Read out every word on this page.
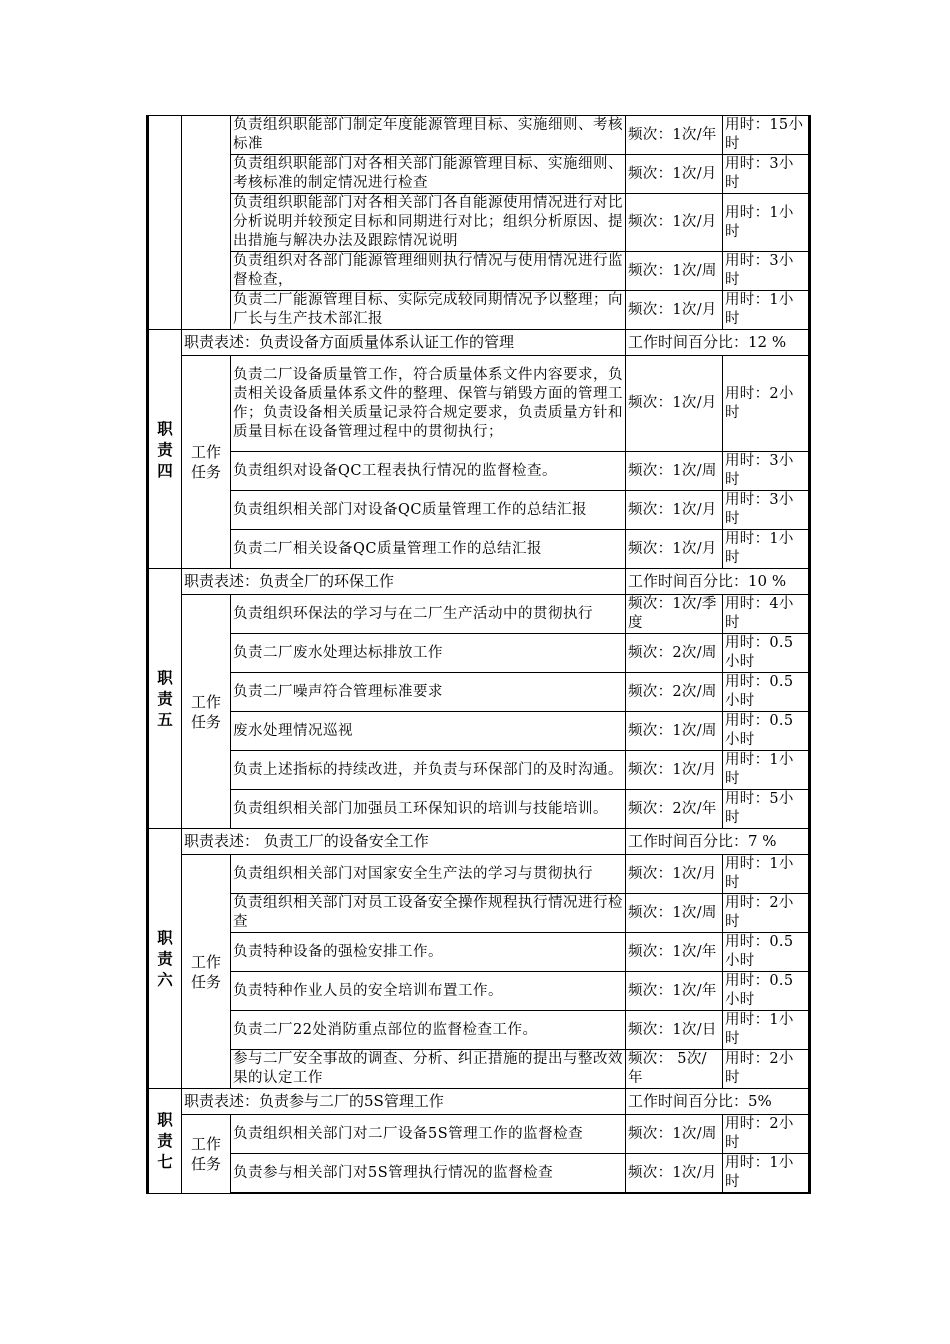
		负责组织职能部门制定年度能源管理目标、实施细则、考核标准	频次：1次/年	用时：15小时
		负责组织职能部门对各相关部门能源管理目标、实施细则、考核标准的制定情况进行检查	频次：1次/月	用时：3小时
		负责组织职能部门对各相关部门各自能源使用情况进行对比分析说明并较预定目标和同期进行对比；组织分析原因、提出措施与解决办法及跟踪情况说明	频次：1次/月	用时：1小时
		负责组织对各部门能源管理细则执行情况与使用情况进行监督检查，	频次：1次/周	用时：3小时
		负责二厂能源管理目标、实际完成较同期情况予以整理；向厂长与生产技术部汇报	频次：1次/月	用时：1小时

职
责
四	职责表述：负责设备方面质量体系认证工作的管理		工作时间百分比：12 %	

	工作
任务	负责二厂设备质量管工作，符合质量体系文件内容要求，负责相关设备质量体系文件的整理、保管与销毁方面的管理工作；负责设备相关质量记录符合规定要求，负责质量方针和质量目标在设备管理过程中的贯彻执行；	频次：1次/月	用时：2小时
		负责组织对设备QC工程表执行情况的监督检查。	频次：1次/周	用时：3小时
		负责组织相关部门对设备QC质量管理工作的总结汇报	频次：1次/月	用时：3小时
		负责二厂相关设备QC质量管理工作的总结汇报	频次：1次/月	用时：1小时

职
责
五	职责表述：负责全厂的环保工作		工作时间百分比：10 %	

	工作
任务	负责组织环保法的学习与在二厂生产活动中的贯彻执行	频次：1次/季度	用时：4小时
		负责二厂废水处理达标排放工作	频次：2次/周	用时：0.5小时
		负责二厂噪声符合管理标准要求	频次：2次/周	用时：0.5小时
		废水处理情况巡视	频次：1次/周	用时：0.5小时
		负责上述指标的持续改进，并负责与环保部门的及时沟通。	频次：1次/月	用时：1小时
		负责组织相关部门加强员工环保知识的培训与技能培训。	频次：2次/年	用时：5小时

职
责
六	职责表述： 负责工厂的设备安全工作		工作时间百分比：7 %	

	工作
任务	负责组织相关部门对国家安全生产法的学习与贯彻执行	频次：1次/月	用时：1小时
		负责组织相关部门对员工设备安全操作规程执行情况进行检查	频次：1次/周	用时：2小时
		负责特种设备的强检安排工作。	频次：1次/年	用时：0.5小时
		负责特种作业人员的安全培训布置工作。	频次：1次/年	用时：0.5小时
		负责二厂22处消防重点部位的监督检查工作。	频次：1次/日	用时：1小时
		参与二厂安全事故的调查、分析、纠正措施的提出与整改效果的认定工作	频次： 5次/年	用时：2小时

职
责
七	职责表述：负责参与二厂的5S管理工作		工作时间百分比：5%	

	工作
任务	负责组织相关部门对二厂设备5S管理工作的监督检查	频次：1次/周	用时：2小时
		负责参与相关部门对5S管理执行情况的监督检查	频次：1次/月	用时：1小时
